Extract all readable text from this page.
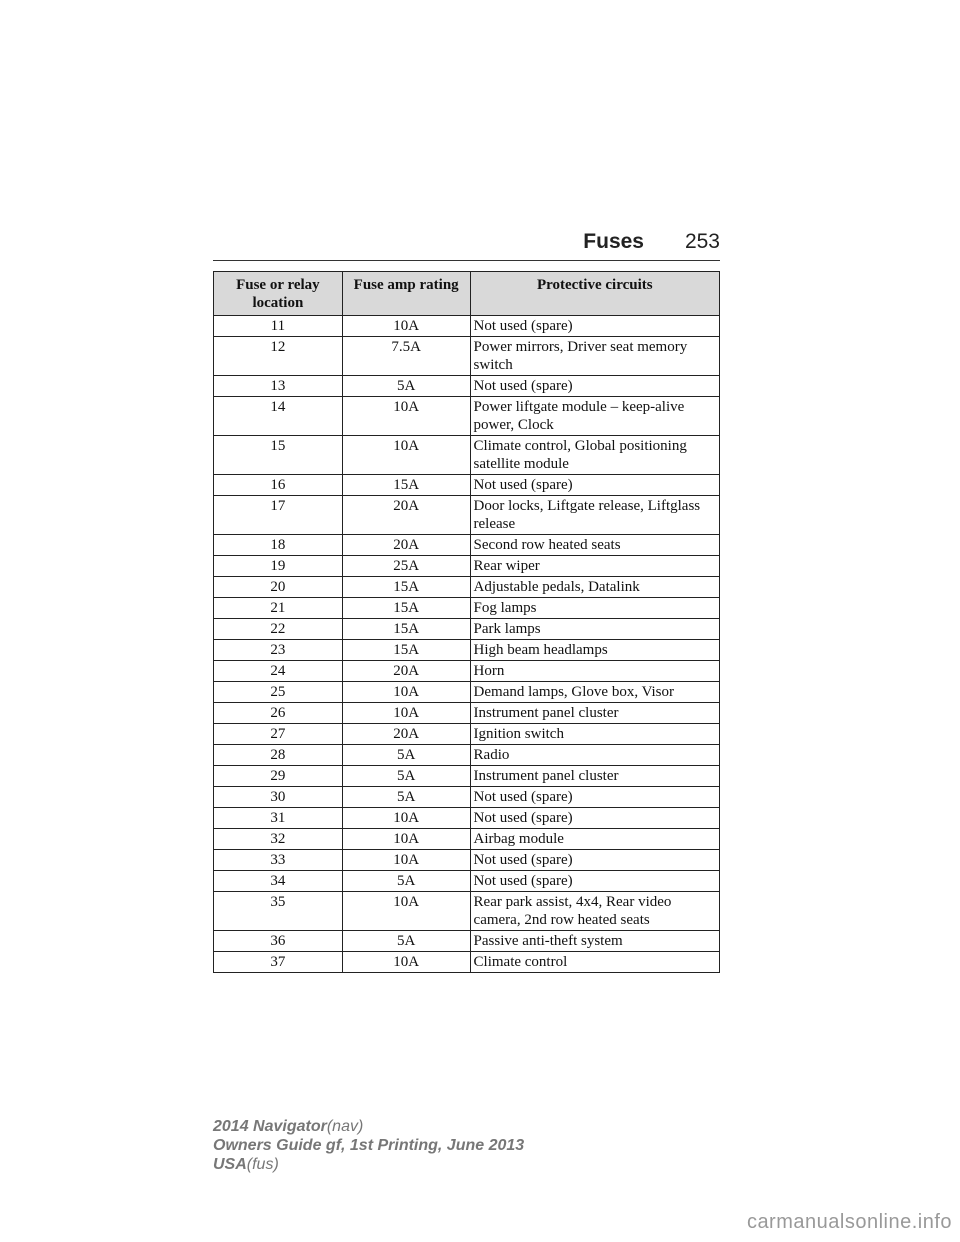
Fuses 253
Fuse or relay location	Fuse amp rating	Protective circuits
11	10A	Not used (spare)
12	7.5A	Power mirrors, Driver seat memory switch
13	5A	Not used (spare)
14	10A	Power liftgate module – keep-alive power, Clock
15	10A	Climate control, Global positioning satellite module
16	15A	Not used (spare)
17	20A	Door locks, Liftgate release, Liftglass release
18	20A	Second row heated seats
19	25A	Rear wiper
20	15A	Adjustable pedals, Datalink
21	15A	Fog lamps
22	15A	Park lamps
23	15A	High beam headlamps
24	20A	Horn
25	10A	Demand lamps, Glove box, Visor
26	10A	Instrument panel cluster
27	20A	Ignition switch
28	5A	Radio
29	5A	Instrument panel cluster
30	5A	Not used (spare)
31	10A	Not used (spare)
32	10A	Airbag module
33	10A	Not used (spare)
34	5A	Not used (spare)
35	10A	Rear park assist, 4x4, Rear video camera, 2nd row heated seats
36	5A	Passive anti-theft system
37	10A	Climate control
2014 Navigator(nav)
Owners Guide gf, 1st Printing, June 2013
USA(fus)
carmanualsonline.info
